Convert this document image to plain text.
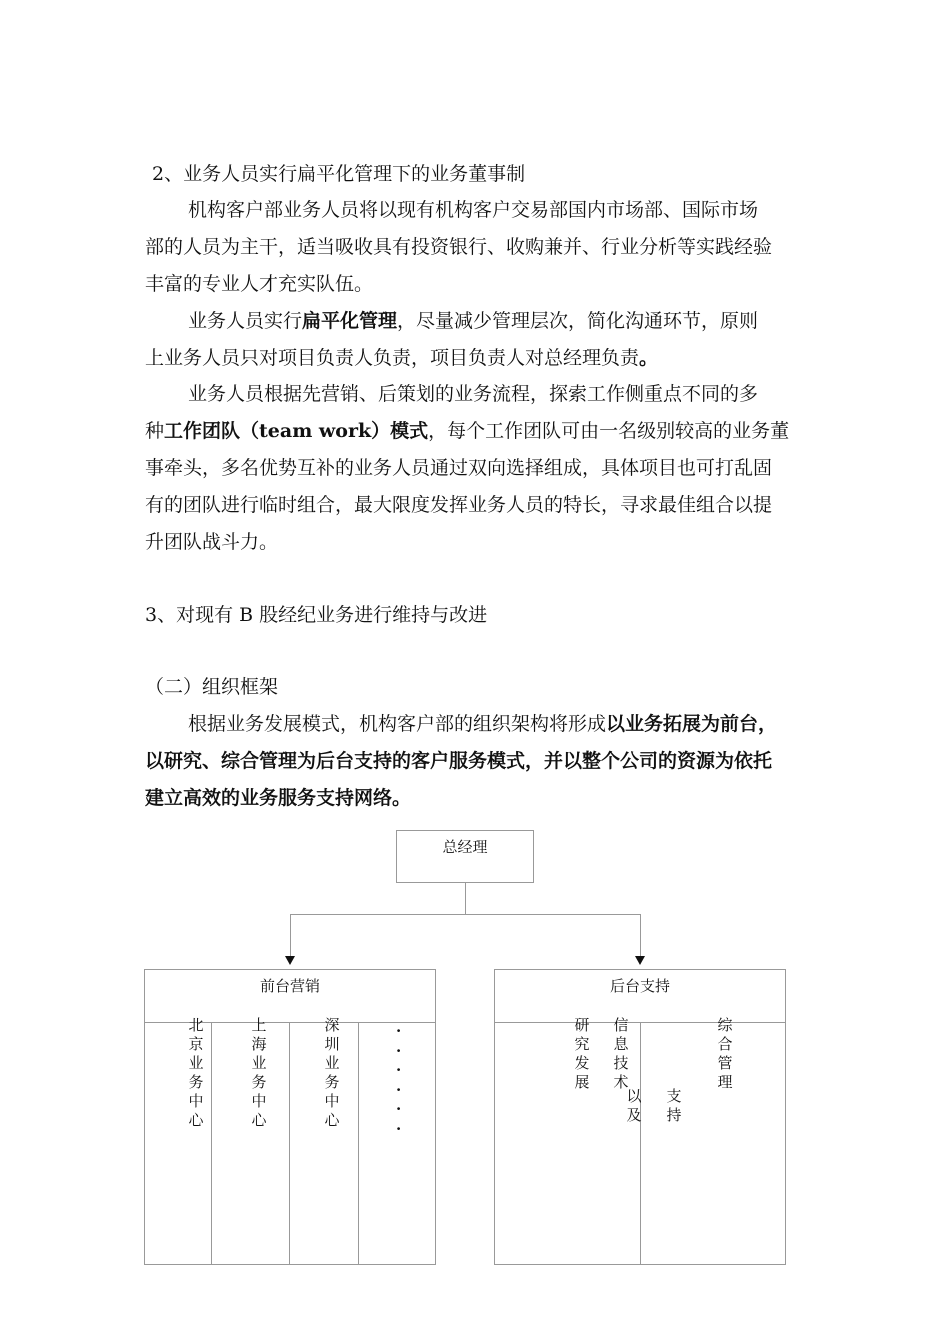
2、业务人员实行扁平化管理下的业务董事制
机构客户部业务人员将以现有机构客户交易部国内市场部、国际市场
部的人员为主干，适当吸收具有投资银行、收购兼并、行业分析等实践经验
丰富的专业人才充实队伍。
业务人员实行扁平化管理，尽量减少管理层次，简化沟通环节，原则
上业务人员只对项目负责人负责，项目负责人对总经理负责。
业务人员根据先营销、后策划的业务流程，探索工作侧重点不同的多
种工作团队（team work）模式，每个工作团队可由一名级别较高的业务董
事牵头，多名优势互补的业务人员通过双向选择组成，具体项目也可打乱固
有的团队进行临时组合，最大限度发挥业务人员的特长，寻求最佳组合以提
升团队战斗力。
3、对现有 B 股经纪业务进行维持与改进
（二）组织框架
根据业务发展模式，机构客户部的组织架构将形成以业务拓展为前台，
以研究、综合管理为后台支持的客户服务模式，并以整个公司的资源为依托
建立高效的业务服务支持网络。
总经理
前台营销
北京业务中心
上海业务中心
深圳业务中心
.
.
.
.
.
.
后台支持
研究发展
信息技术
以及
支持
综合管理
